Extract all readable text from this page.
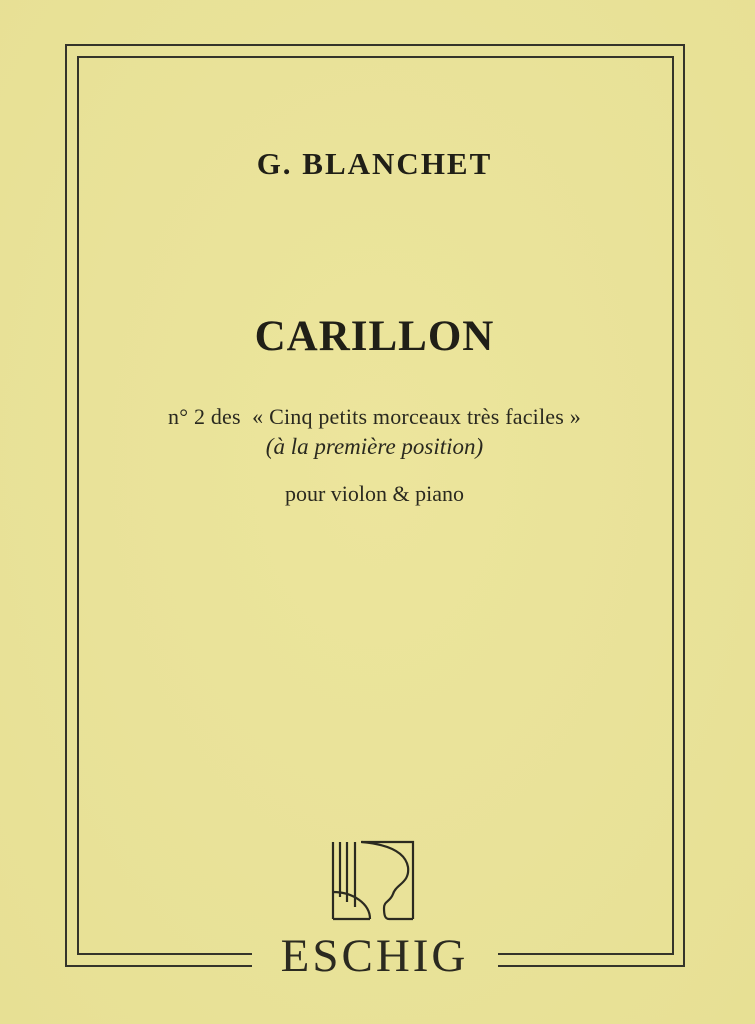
G. BLANCHET
CARILLON
n° 2 des  « Cinq petits morceaux très faciles »
(à la première position)
pour violon & piano
ESCHIG
